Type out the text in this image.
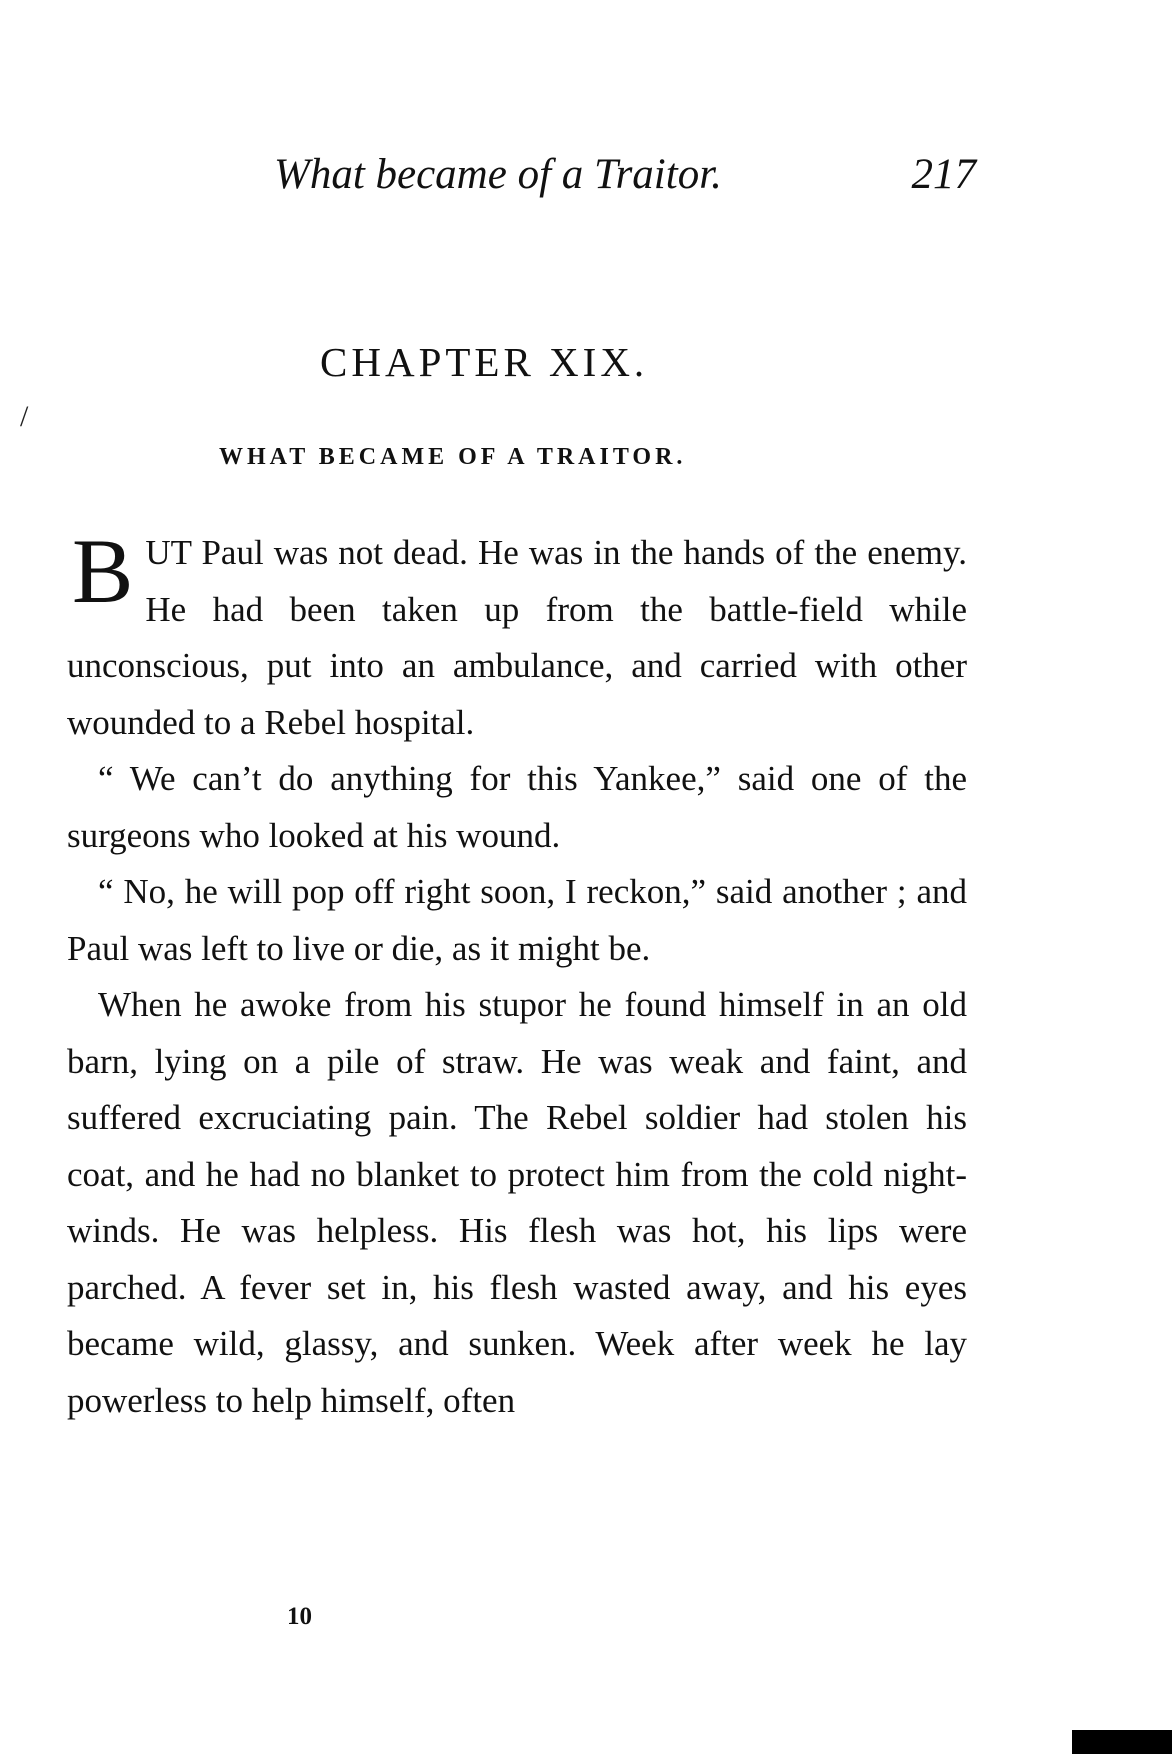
/
What became of a Traitor.	217
CHAPTER XIX.
WHAT BECAME OF A TRAITOR.

B UT Paul was not dead. He was in the hands of the enemy. He had been taken up from the battle-field while unconscious, put into an ambulance, and carried with other wounded to a Rebel hospital.

“ We can’t do anything for this Yankee,” said one of the surgeons who looked at his wound.

“ No, he will pop off right soon, I reckon,” said another ; and Paul was left to live or die, as it might be.

When he awoke from his stupor he found himself in an old barn, lying on a pile of straw. He was weak and faint, and suffered excruciating pain. The Rebel soldier had stolen his coat, and he had no blanket to protect him from the cold night-winds. He was helpless. His flesh was hot, his lips were parched. A fever set in, his flesh wasted away, and his eyes became wild, glassy, and sunken. Week after week he lay powerless to help himself, often

10
